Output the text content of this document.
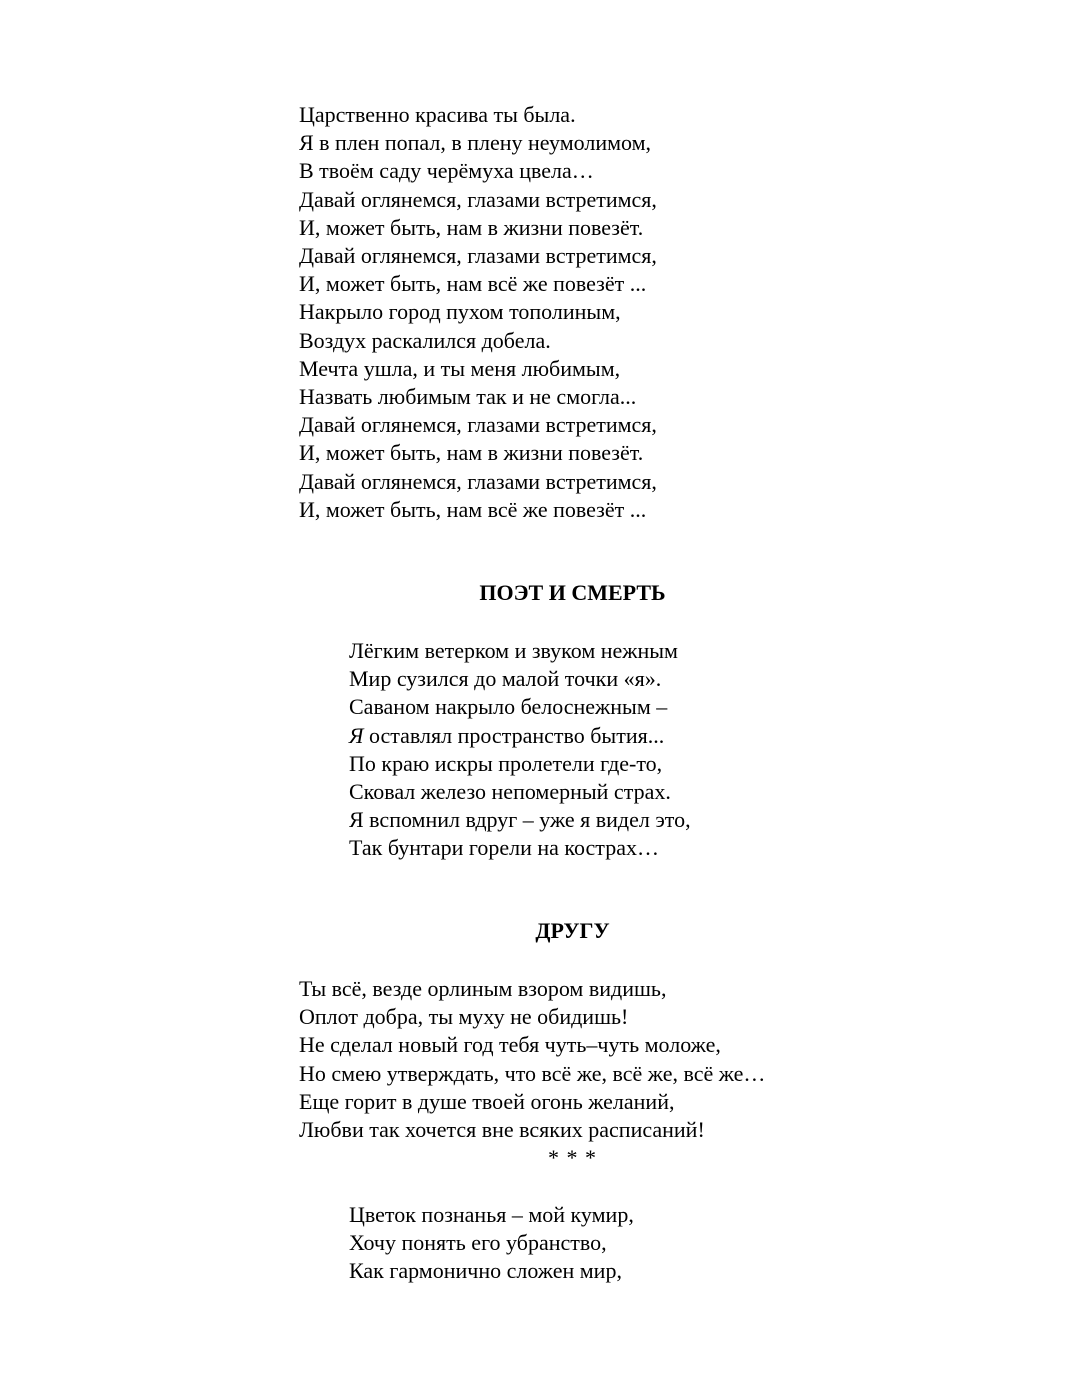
Царственно красива ты была.
Я в плен попал, в плену неумолимом,
В твоём саду черёмуха цвела…
Давай оглянемся, глазами встретимся,
И, может быть, нам в жизни повезёт.
Давай оглянемся, глазами встретимся,
И, может быть, нам всё же повезёт ...
Накрыло город пухом тополиным,
Воздух раскалился добела.
Мечта ушла, и ты меня любимым,
Назвать любимым так и не смогла...
Давай оглянемся, глазами встретимся,
И, может быть, нам в жизни повезёт.
Давай оглянемся, глазами встретимся,
И, может быть, нам всё же повезёт ...
ПОЭТ И СМЕРТЬ
Лёгким ветерком и звуком нежным
Мир сузился до малой точки «я».
Саваном накрыло белоснежным –
Я оставлял пространство бытия...
По краю искры пролетели где-то,
Сковал железо непомерный страх.
Я вспомнил вдруг – уже я видел это,
Так бунтари горели на кострах…
ДРУГУ
Ты всё, везде орлиным взором видишь,
Оплот добра, ты муху не обидишь!
Не сделал новый год тебя чуть–чуть моложе,
Но смею утверждать, что всё же, всё же, всё же…
Еще горит в душе твоей огонь желаний,
Любви так хочется вне всяких расписаний!
* * *
Цветок познанья – мой кумир,
Хочу понять его убранство,
Как гармонично сложен мир,
